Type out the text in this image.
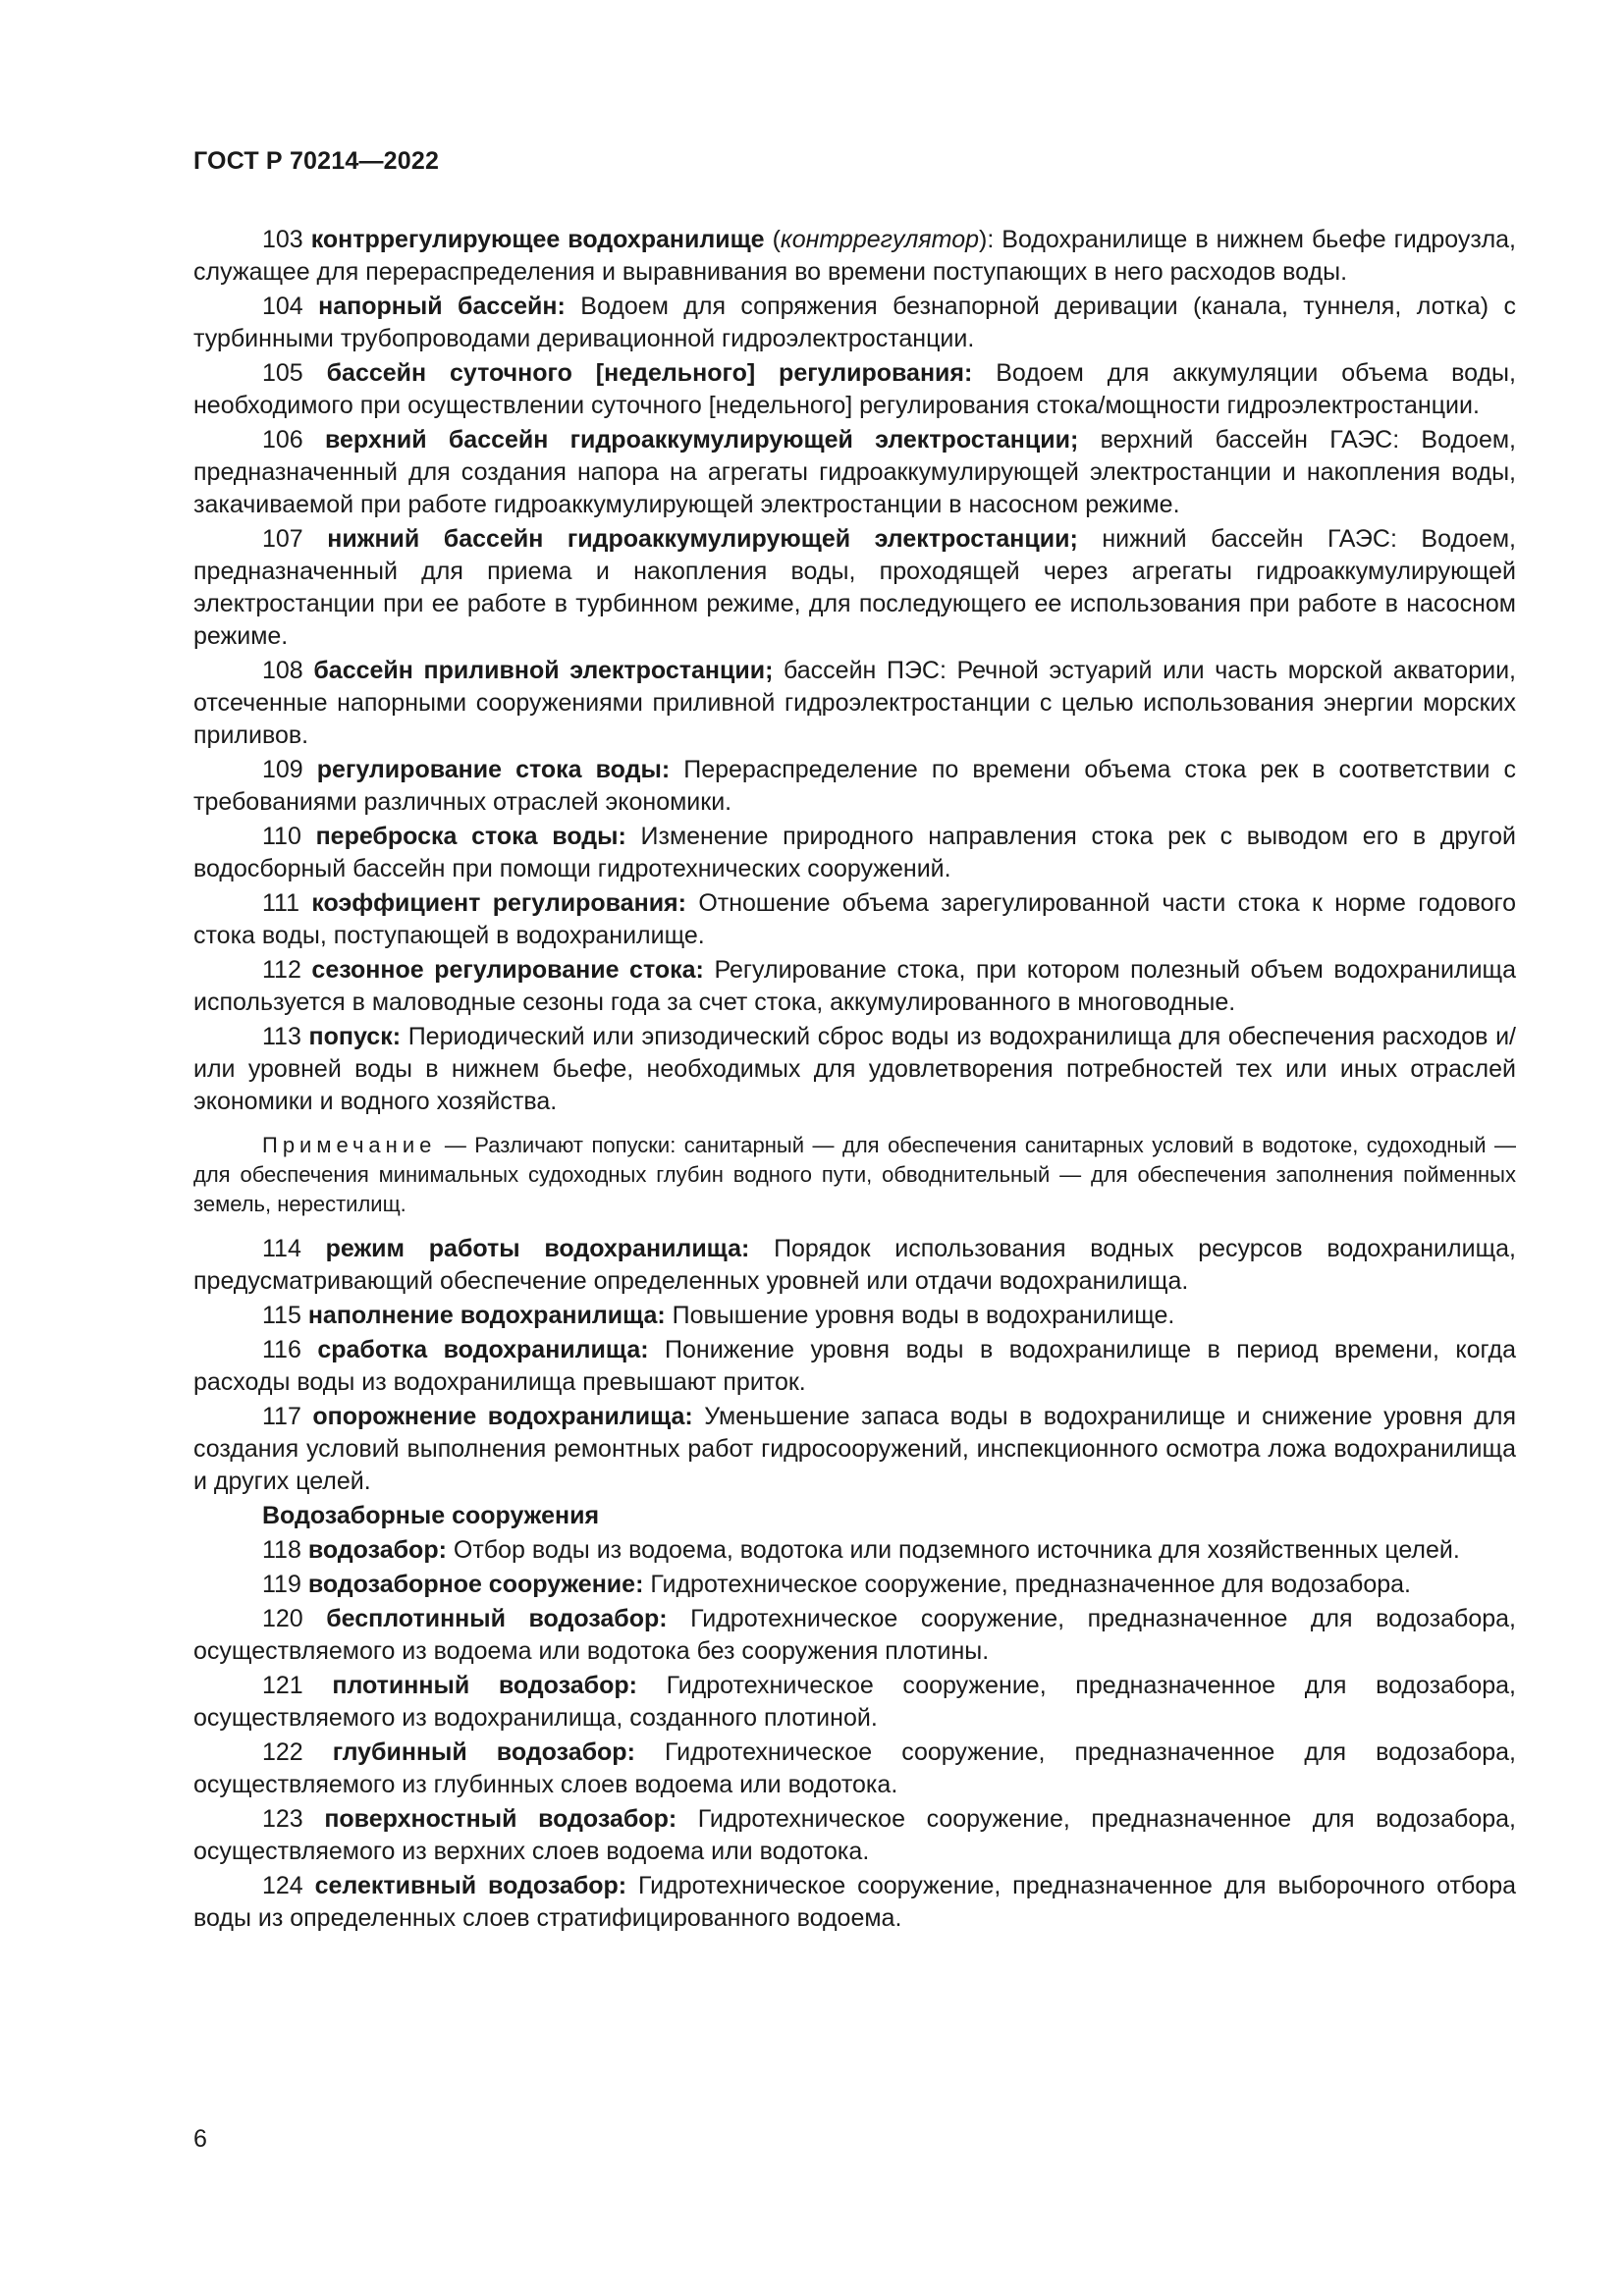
ГОСТ Р 70214—2022

103 контррегулирующее водохранилище (контррегулятор): Водохранилище в нижнем бьефе гидроузла, служащее для перераспределения и выравнивания во времени поступающих в него расходов воды.

104 напорный бассейн: Водоем для сопряжения безнапорной деривации (канала, туннеля, лотка) с турбинными трубопроводами деривационной гидроэлектростанции.

105 бассейн суточного [недельного] регулирования: Водоем для аккумуляции объема воды, необходимого при осуществлении суточного [недельного] регулирования стока/мощности гидроэлектростанции.

106 верхний бассейн гидроаккумулирующей электростанции; верхний бассейн ГАЭС: Водоем, предназначенный для создания напора на агрегаты гидроаккумулирующей электростанции и накопления воды, закачиваемой при работе гидроаккумулирующей электростанции в насосном режиме.

107 нижний бассейн гидроаккумулирующей электростанции; нижний бассейн ГАЭС: Водоем, предназначенный для приема и накопления воды, проходящей через агрегаты гидроаккумулирующей электростанции при ее работе в турбинном режиме, для последующего ее использования при работе в насосном режиме.

108 бассейн приливной электростанции; бассейн ПЭС: Речной эстуарий или часть морской акватории, отсеченные напорными сооружениями приливной гидроэлектростанции с целью использования энергии морских приливов.

109 регулирование стока воды: Перераспределение по времени объема стока рек в соответствии с требованиями различных отраслей экономики.

110 переброска стока воды: Изменение природного направления стока рек с выводом его в другой водосборный бассейн при помощи гидротехнических сооружений.

111 коэффициент регулирования: Отношение объема зарегулированной части стока к норме годового стока воды, поступающей в водохранилище.

112 сезонное регулирование стока: Регулирование стока, при котором полезный объем водохранилища используется в маловодные сезоны года за счет стока, аккумулированного в многоводные.

113 попуск: Периодический или эпизодический сброс воды из водохранилища для обеспечения расходов и/или уровней воды в нижнем бьефе, необходимых для удовлетворения потребностей тех или иных отраслей экономики и водного хозяйства.

Примечание — Различают попуски: санитарный — для обеспечения санитарных условий в водотоке, судоходный — для обеспечения минимальных судоходных глубин водного пути, обводнительный — для обеспечения заполнения пойменных земель, нерестилищ.

114 режим работы водохранилища: Порядок использования водных ресурсов водохранилища, предусматривающий обеспечение определенных уровней или отдачи водохранилища.

115 наполнение водохранилища: Повышение уровня воды в водохранилище.

116 сработка водохранилища: Понижение уровня воды в водохранилище в период времени, когда расходы воды из водохранилища превышают приток.

117 опорожнение водохранилища: Уменьшение запаса воды в водохранилище и снижение уровня для создания условий выполнения ремонтных работ гидросооружений, инспекционного осмотра ложа водохранилища и других целей.

Водозаборные сооружения

118 водозабор: Отбор воды из водоема, водотока или подземного источника для хозяйственных целей.

119 водозаборное сооружение: Гидротехническое сооружение, предназначенное для водозабора.

120 бесплотинный водозабор: Гидротехническое сооружение, предназначенное для водозабора, осуществляемого из водоема или водотока без сооружения плотины.

121 плотинный водозабор: Гидротехническое сооружение, предназначенное для водозабора, осуществляемого из водохранилища, созданного плотиной.

122 глубинный водозабор: Гидротехническое сооружение, предназначенное для водозабора, осуществляемого из глубинных слоев водоема или водотока.

123 поверхностный водозабор: Гидротехническое сооружение, предназначенное для водозабора, осуществляемого из верхних слоев водоема или водотока.

124 селективный водозабор: Гидротехническое сооружение, предназначенное для выборочного отбора воды из определенных слоев стратифицированного водоема.

6
